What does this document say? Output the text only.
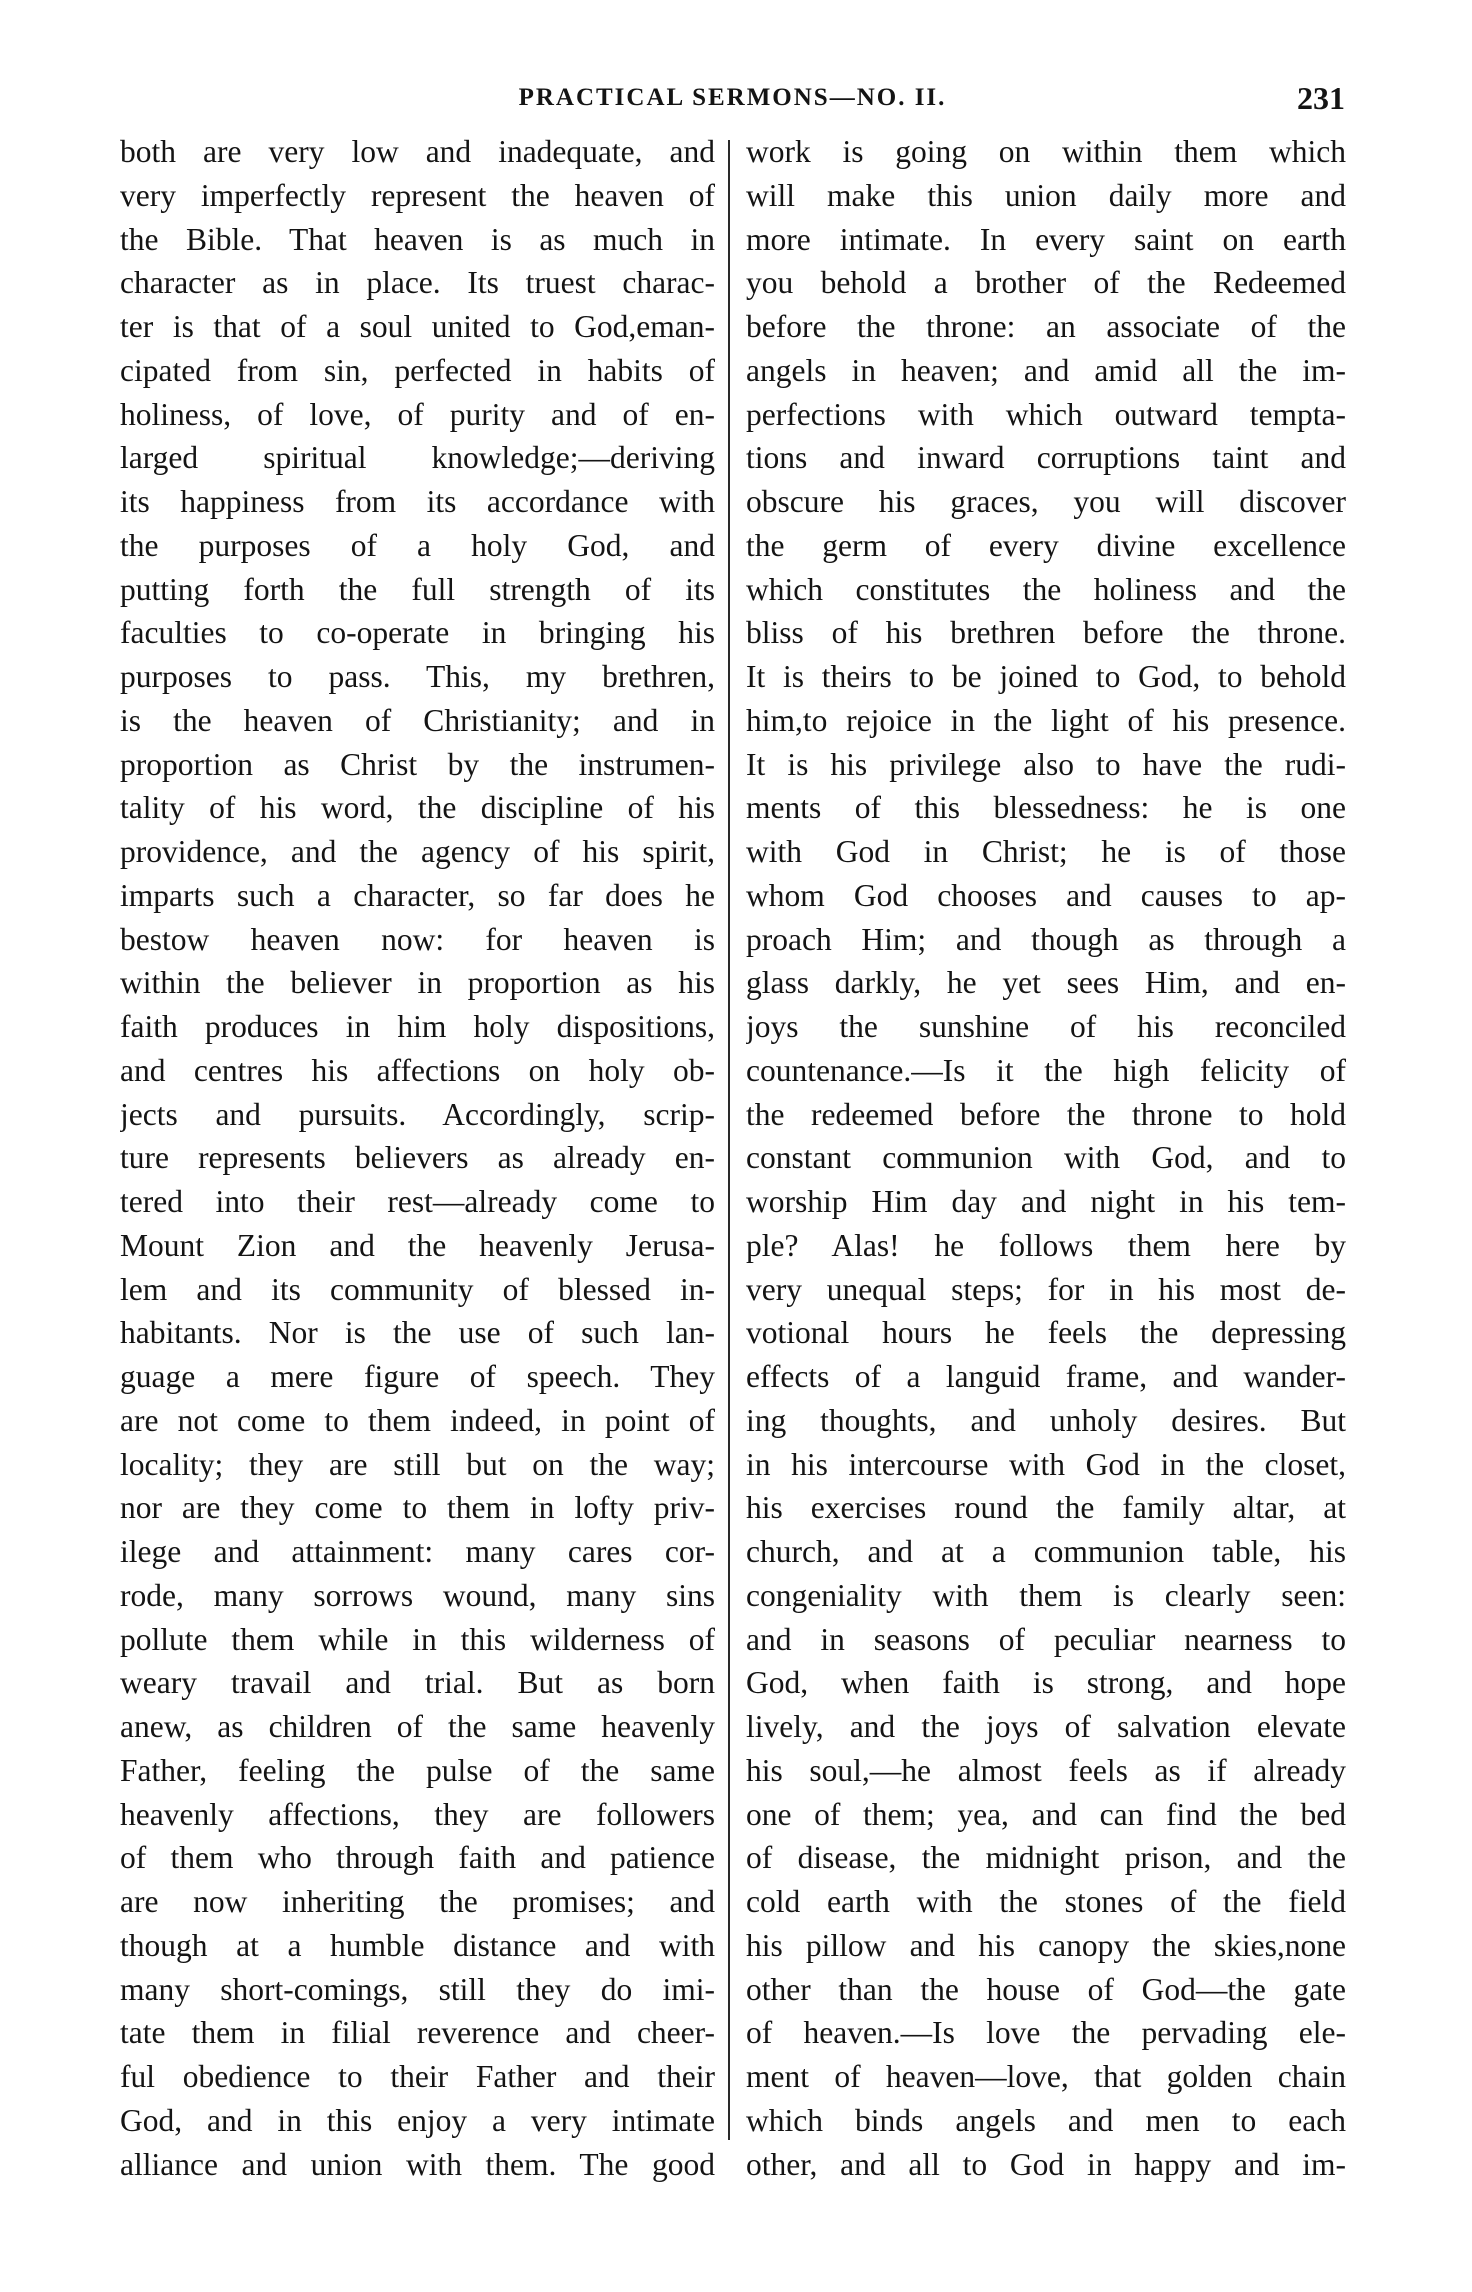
PRACTICAL SERMONS—NO. II.	231
both are very low and inadequate, and
very imperfectly represent the heaven of
the Bible. That heaven is as much in
character as in place. Its truest charac-
ter is that of a soul united to God,eman-
cipated from sin, perfected in habits of
holiness, of love, of purity and of en-
larged spiritual knowledge;—deriving
its happiness from its accordance with
the purposes of a holy God, and
putting forth the full strength of its
faculties to co-operate in bringing his
purposes to pass. This, my brethren,
is the heaven of Christianity; and in
proportion as Christ by the instrumen-
tality of his word, the discipline of his
providence, and the agency of his spirit,
imparts such a character, so far does he
bestow heaven now: for heaven is
within the believer in proportion as his
faith produces in him holy dispositions,
and centres his affections on holy ob-
jects and pursuits. Accordingly, scrip-
ture represents believers as already en-
tered into their rest—already come to
Mount Zion and the heavenly Jerusa-
lem and its community of blessed in-
habitants. Nor is the use of such lan-
guage a mere figure of speech. They
are not come to them indeed, in point of
locality; they are still but on the way;
nor are they come to them in lofty priv-
ilege and attainment: many cares cor-
rode, many sorrows wound, many sins
pollute them while in this wilderness of
weary travail and trial. But as born
anew, as children of the same heavenly
Father, feeling the pulse of the same
heavenly affections, they are followers
of them who through faith and patience
are now inheriting the promises; and
though at a humble distance and with
many short-comings, still they do imi-
tate them in filial reverence and cheer-
ful obedience to their Father and their
God, and in this enjoy a very intimate
alliance and union with them. The good
work is going on within them which
will make this union daily more and
more intimate. In every saint on earth
you behold a brother of the Redeemed
before the throne: an associate of the
angels in heaven; and amid all the im-
perfections with which outward tempta-
tions and inward corruptions taint and
obscure his graces, you will discover
the germ of every divine excellence
which constitutes the holiness and the
bliss of his brethren before the throne.
It is theirs to be joined to God, to behold
him,to rejoice in the light of his presence.
It is his privilege also to have the rudi-
ments of this blessedness: he is one
with God in Christ; he is of those
whom God chooses and causes to ap-
proach Him; and though as through a
glass darkly, he yet sees Him, and en-
joys the sunshine of his reconciled
countenance.—Is it the high felicity of
the redeemed before the throne to hold
constant communion with God, and to
worship Him day and night in his tem-
ple? Alas! he follows them here by
very unequal steps; for in his most de-
votional hours he feels the depressing
effects of a languid frame, and wander-
ing thoughts, and unholy desires. But
in his intercourse with God in the closet,
his exercises round the family altar, at
church, and at a communion table, his
congeniality with them is clearly seen:
and in seasons of peculiar nearness to
God, when faith is strong, and hope
lively, and the joys of salvation elevate
his soul,—he almost feels as if already
one of them; yea, and can find the bed
of disease, the midnight prison, and the
cold earth with the stones of the field
his pillow and his canopy the skies,none
other than the house of God—the gate
of heaven.—Is love the pervading ele-
ment of heaven—love, that golden chain
which binds angels and men to each
other, and all to God in happy and im-
